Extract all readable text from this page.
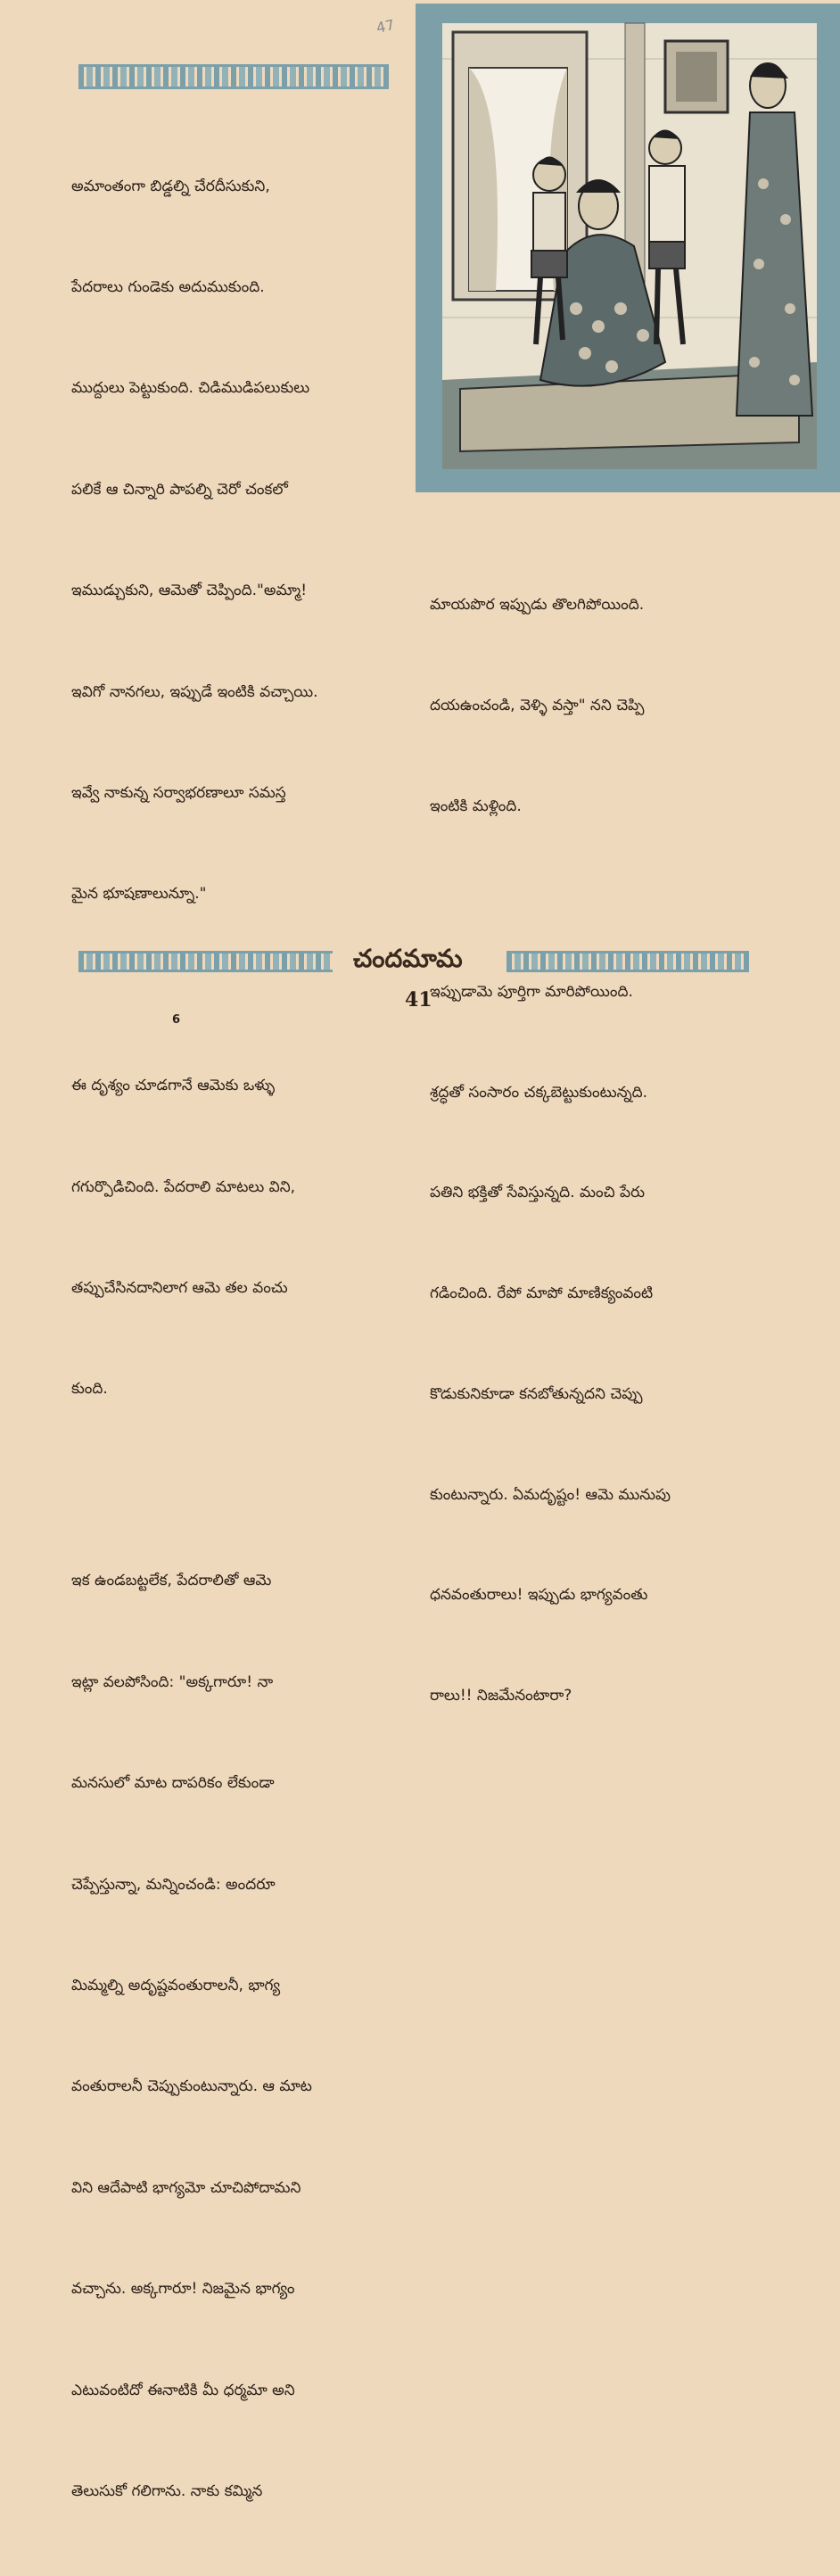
47

అమాంతంగా బిడ్డల్ని చేరదీసుకుని,

పేదరాలు గుండెకు అదుముకుంది.

ముద్దులు పెట్టుకుంది. చిడిముడిపలుకులు

పలికే ఆ చిన్నారి పాపల్ని చెరో చంకలో

ఇముడ్చుకుని, ఆమెతో చెప్పింది."అమ్మా!

ఇవిగో నానగలు, ఇప్పుడే ఇంటికి వచ్చాయి.

ఇవ్వే నాకున్న సర్వాభరణాలూ సమస్త

మైన భూషణాలున్నూ."

ఈ దృశ్యం చూడగానే ఆమెకు ఒళ్ళు

గగుర్పొడిచింది. పేదరాలి మాటలు విని,

తప్పుచేసినదానిలాగ ఆమె తల వంచు

కుంది.

ఇక ఉండబట్టలేక, పేదరాలితో ఆమె

ఇట్లా వలపోసింది: "అక్కగారూ! నా

మనసులో మాట దాపరికం లేకుండా

చెప్పేస్తున్నా, మన్నించండి: అందరూ

మిమ్మల్ని అదృష్టవంతురాలనీ, భాగ్య

వంతురాలనీ చెప్పుకుంటున్నారు. ఆ మాట

విని ఆదేపాటి భాగ్యమో చూచిపోదామని

వచ్చాను. అక్కగారూ! నిజమైన భాగ్యం

ఎటువంటిదో ఈనాటికి మీ ధర్మమా అని

తెలుసుకో గలిగాను. నాకు కమ్మిన

మాయపొర ఇప్పుడు తొలగిపోయింది.

దయఉంచండి, వెళ్ళి వస్తా" నని చెప్పి

ఇంటికి మళ్లింది.

ఇప్పుడామె పూర్తిగా మారిపోయింది.

శ్రద్ధతో సంసారం చక్కబెట్టుకుంటున్నది.

పతిని భక్తితో సేవిస్తున్నది. మంచి పేరు

గడించింది. రేపో మాపో మాణిక్యంవంటి

కొడుకునికూడా కనబోతున్నదని చెప్పు

కుంటున్నారు. ఏమదృష్టం! ఆమె మునుపు

ధనవంతురాలు! ఇప్పుడు భాగ్యవంతు

రాలు!! నిజమేనంటారా?

చందమామ
41
6
